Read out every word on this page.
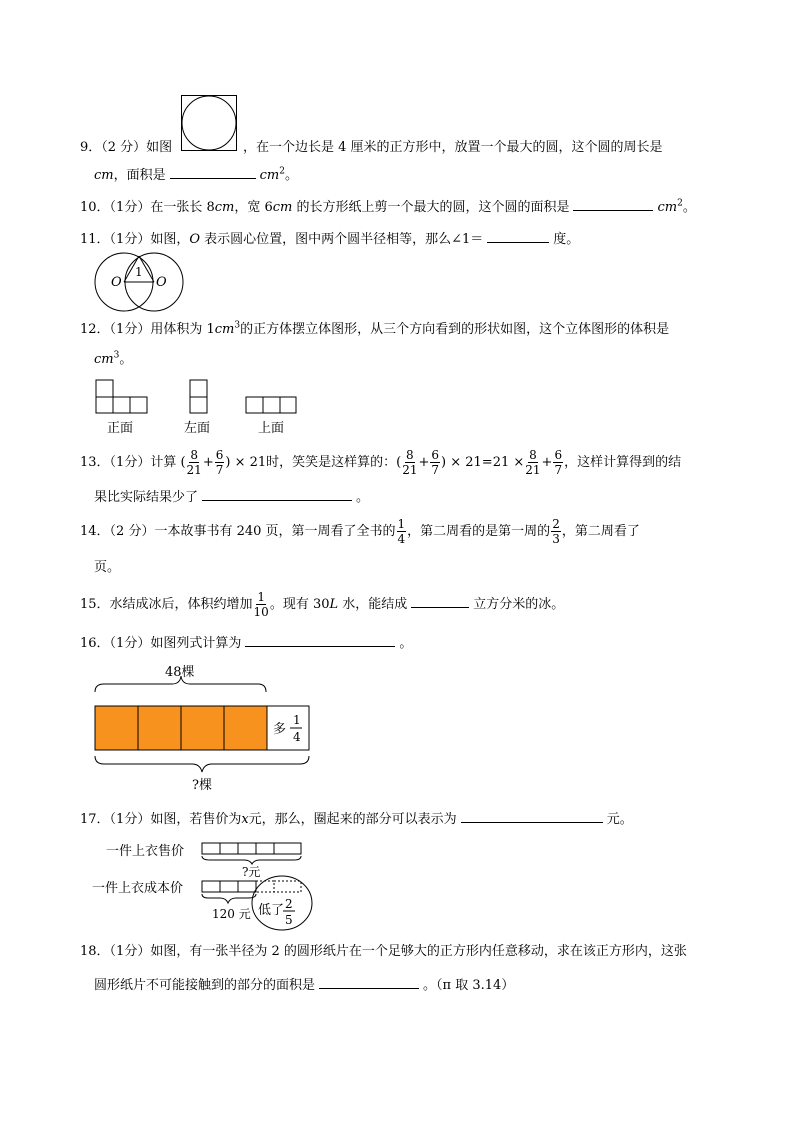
9．（2 分）如图	，在一个边长是 4 厘米的正方形中，放置一个最大的圆，这个圆的周长是
cm，面积是	$cm^2$。
10．（1分）在一张长 8cm，宽 6cm 的长方形纸上剪一个最大的圆，这个圆的面积是	$cm^2$。
11．（1分）如图，O 表示圆心位置，图中两个圆半径相等，那么∠1＝	度。
O	O
1
12．（1分）用体积为 $1cm^3$的正方体摆立体图形，从三个方向看到的形状如图，这个立体图形的体积是
$cm^3$。
正面	左面	上面
13．（1分）计算 ( $\frac{8}{21} + \frac{6}{7}$ ) × 21时，笑笑是这样算的：( $\frac{8}{21} + \frac{6}{7}$ ) × $21=21 \times \frac{8}{21} + \frac{6}{7}$ ，这样计算得到的结
果比实际结果少了	。
14．（2 分）一本故事书有 240 页，第一周看了全书的 $\frac{1}{4}$ ，第二周看的是第一周的 $\frac{2}{3}$ ，第二周看了
页。
15．水结成冰后，体积约增加 $\frac{1}{10}$ 。现有 30L 水，能结成	立方分米的冰。
16．（1分）如图列式计算为	。
48棵
多
1
4
?棵
17．（1分）如图，若售价为x元，那么，圈起来的部分可以表示为	元。
一件上衣售价
?元
一件上衣成本价
120 元 低了 2
5
18．（1分）如图，有一张半径为 2 的圆形纸片在一个足够大的正方形内任意移动，求在该正方形内，这张
圆形纸片不可能接触到的部分的面积是	。（π 取 3.14）
